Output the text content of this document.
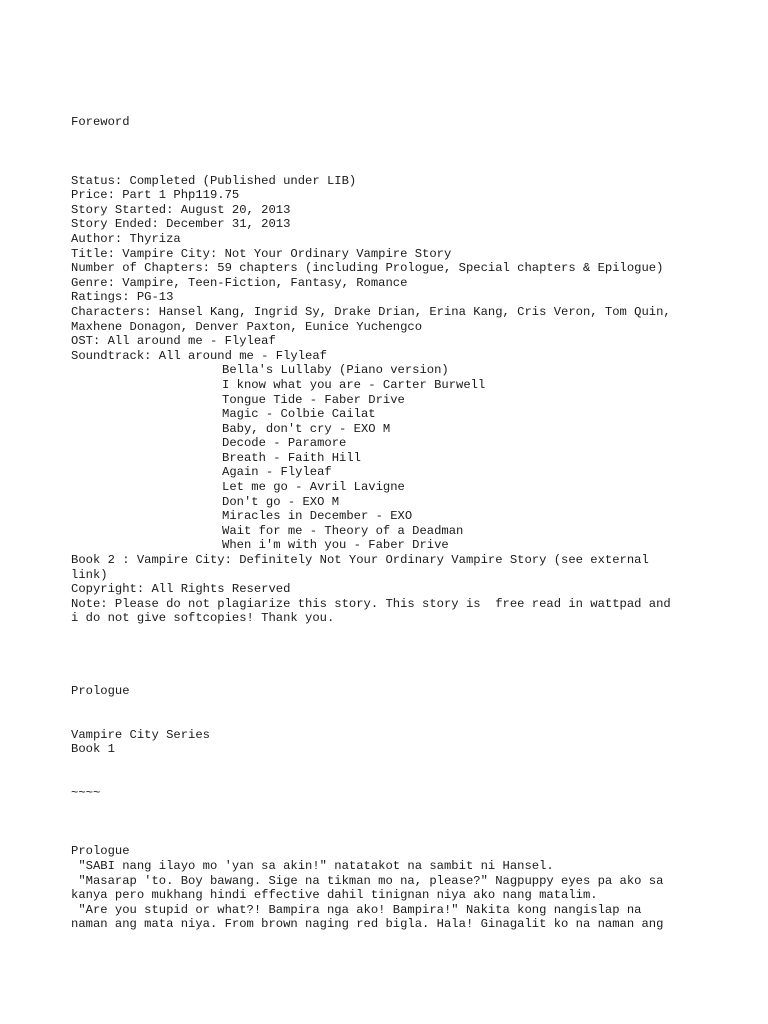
Foreword
Status: Completed (Published under LIB)
Price: Part 1 Php119.75
Story Started: August 20, 2013
Story Ended: December 31, 2013
Author: Thyriza
Title: Vampire City: Not Your Ordinary Vampire Story
Number of Chapters: 59 chapters (including Prologue, Special chapters & Epilogue)
Genre: Vampire, Teen-Fiction, Fantasy, Romance
Ratings: PG-13
Characters: Hansel Kang, Ingrid Sy, Drake Drian, Erina Kang, Cris Veron, Tom Quin,
Maxhene Donagon, Denver Paxton, Eunice Yuchengco
OST: All around me - Flyleaf
Soundtrack: All around me - Flyleaf
Bella's Lullaby (Piano version)
I know what you are - Carter Burwell
Tongue Tide - Faber Drive
Magic - Colbie Cailat
Baby, don't cry - EXO M
Decode - Paramore
Breath - Faith Hill
Again - Flyleaf
Let me go - Avril Lavigne
Don't go - EXO M
Miracles in December - EXO
Wait for me - Theory of a Deadman
When i'm with you - Faber Drive
Book 2 : Vampire City: Definitely Not Your Ordinary Vampire Story (see external
link)
Copyright: All Rights Reserved
Note: Please do not plagiarize this story. This story is  free read in wattpad and
i do not give softcopies! Thank you.
Prologue
Vampire City Series
Book 1
~~~~
Prologue
"SABI nang ilayo mo 'yan sa akin!" natatakot na sambit ni Hansel.
"Masarap 'to. Boy bawang. Sige na tikman mo na, please?" Nagpuppy eyes pa ako sa
kanya pero mukhang hindi effective dahil tinignan niya ako nang matalim.
"Are you stupid or what?! Bampira nga ako! Bampira!" Nakita kong nangislap na
naman ang mata niya. From brown naging red bigla. Hala! Ginagalit ko na naman ang
